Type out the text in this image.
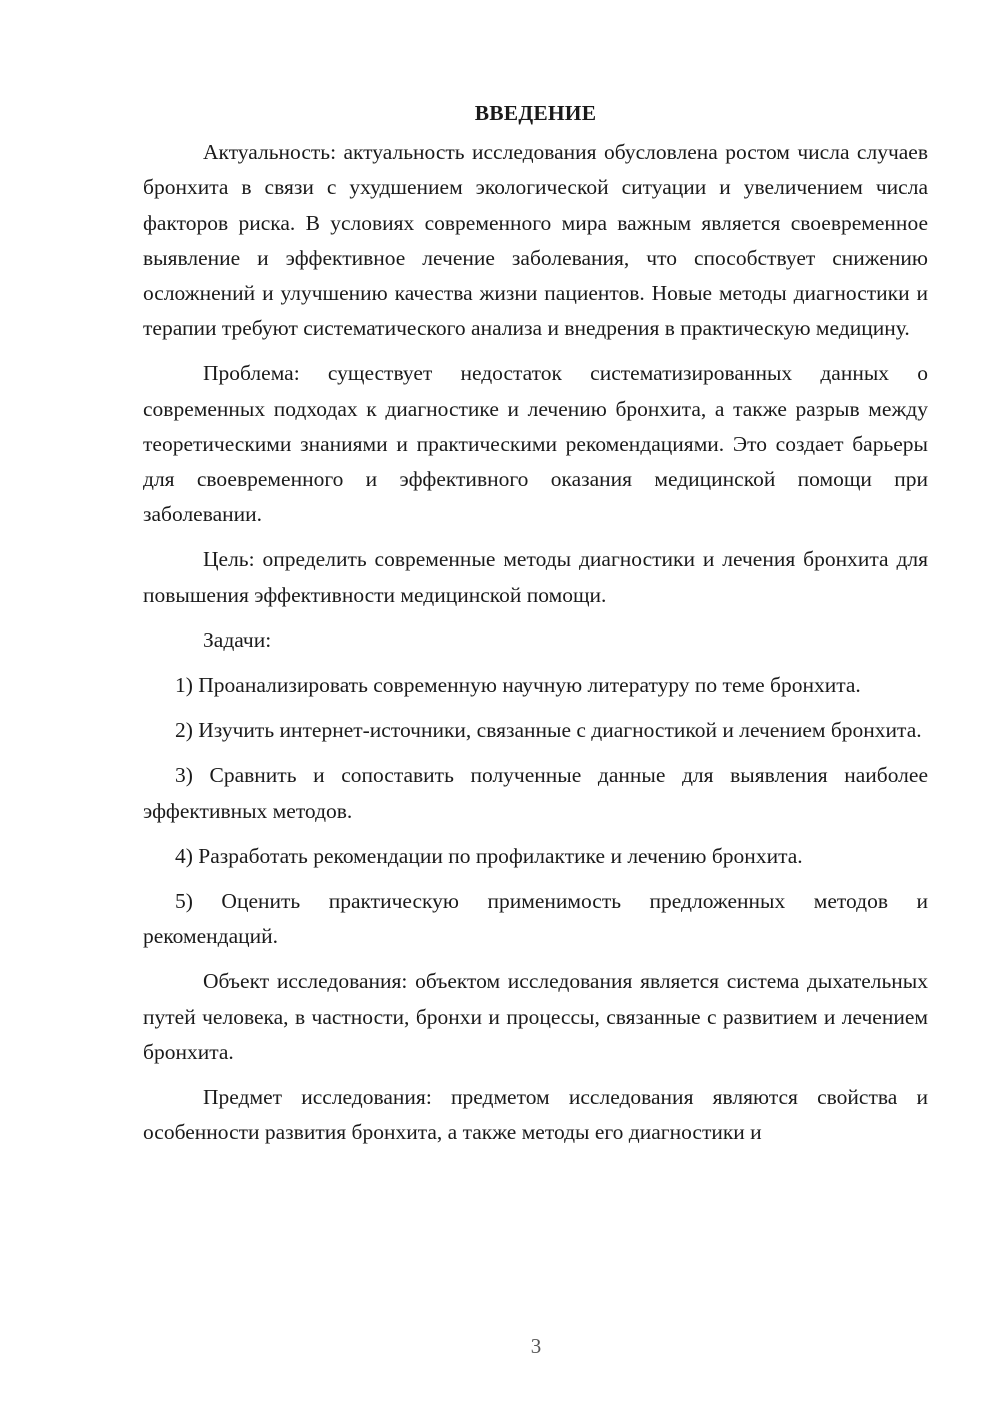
ВВЕДЕНИЕ

Актуальность: актуальность исследования обусловлена ростом числа случаев бронхита в связи с ухудшением экологической ситуации и увеличением числа факторов риска. В условиях современного мира важным является своевременное выявление и эффективное лечение заболевания, что способствует снижению осложнений и улучшению качества жизни пациентов. Новые методы диагностики и терапии требуют систематического анализа и внедрения в практическую медицину.

Проблема: существует недостаток систематизированных данных о современных подходах к диагностике и лечению бронхита, а также разрыв между теоретическими знаниями и практическими рекомендациями. Это создает барьеры для своевременного и эффективного оказания медицинской помощи при заболевании.

Цель: определить современные методы диагностики и лечения бронхита для повышения эффективности медицинской помощи.

Задачи:

1) Проанализировать современную научную литературу по теме бронхита.

2) Изучить интернет-источники, связанные с диагностикой и лечением бронхита.

3) Сравнить и сопоставить полученные данные для выявления наиболее эффективных методов.

4) Разработать рекомендации по профилактике и лечению бронхита.

5) Оценить практическую применимость предложенных методов и рекомендаций.

Объект исследования: объектом исследования является система дыхательных путей человека, в частности, бронхи и процессы, связанные с развитием и лечением бронхита.

Предмет исследования: предметом исследования являются свойства и особенности развития бронхита, а также методы его диагностики и

3
